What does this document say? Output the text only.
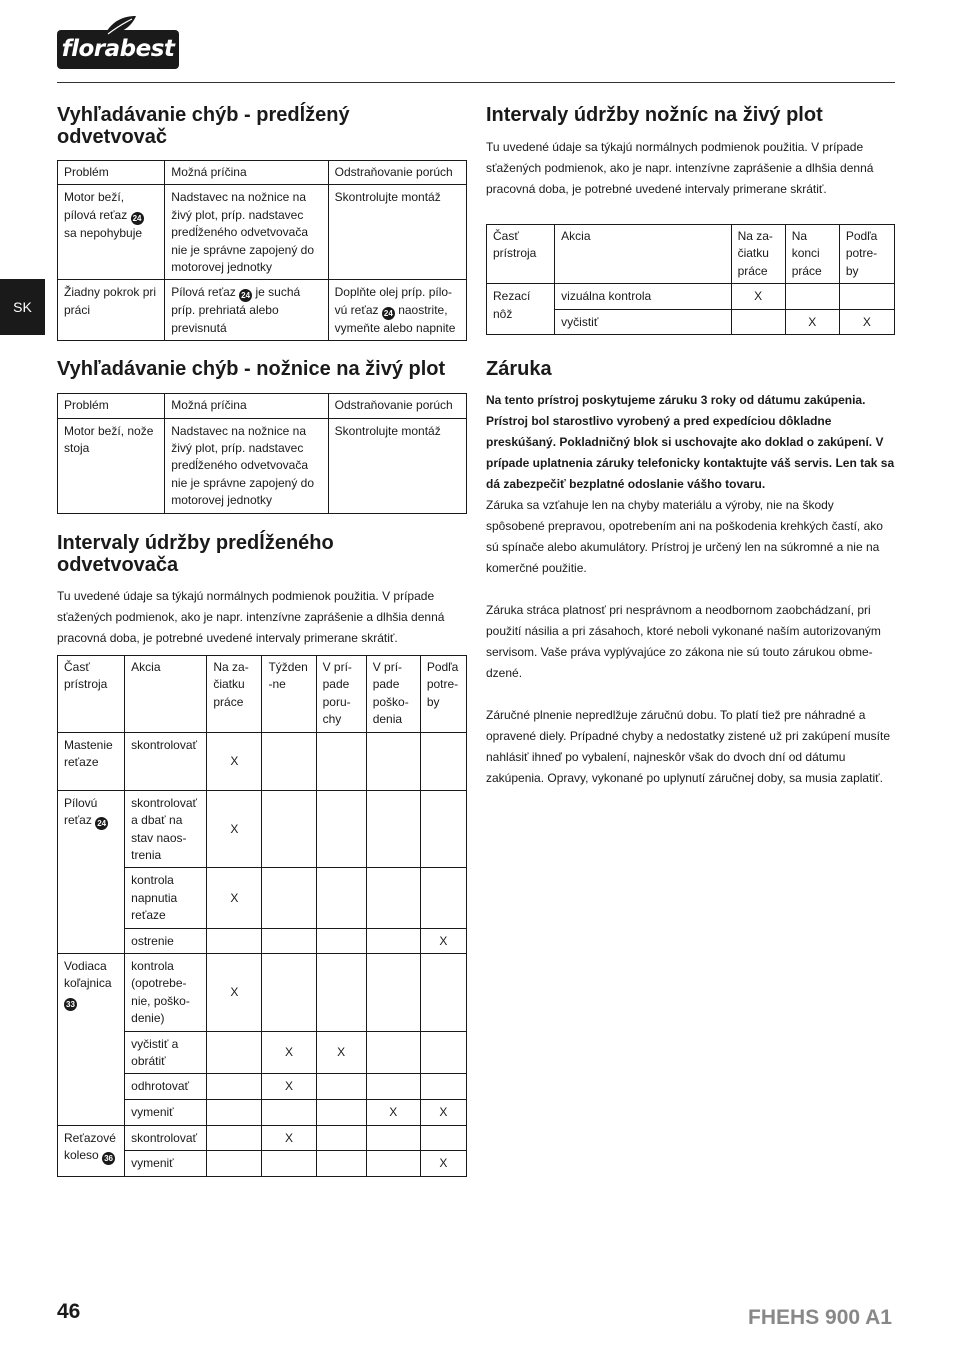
florabest
SK
Vyhľadávanie chýb - predĺžený odvetvovač
Problém	Možná príčina	Odstraňovanie porúch
Motor beží, pílová reťaz 24 sa nepohybuje	Nadstavec na nožnice na živý plot, príp. nadstavec predĺženého odvetvovača nie je správne zapojený do motorovej jednotky	Skontrolujte montáž
Žiadny pokrok pri práci	Pílová reťaz 24 je suchá príp. prehriatá alebo previsnutá	Doplňte olej príp. pílo-vú reťaz 24 naostrite, vymeňte alebo napnite
Vyhľadávanie chýb - nožnice na živý plot
Problém	Možná príčina	Odstraňovanie porúch
Motor beží, nože stoja	Nadstavec na nožnice na živý plot, príp. nadstavec predĺženého odvetvovača nie je správne zapojený do motorovej jednotky	Skontrolujte montáž
Intervaly údržby predĺženého odvetvovača

Tu uvedené údaje sa týkajú normálnych podmienok použitia. V prípade sťažených podmienok, ako je napr. intenzívne zaprášenie a dlhšia denná pracovná doba, je potrebné uvedené intervaly primerane skrátiť.

Časť prístroja	Akcia	Na za-čiatku práce	Týžden-ne	V prí-pade poru-chy	V prí-pade poško-denia	Podľa potre-by
Mastenie reťaze	skontrolovať	X				
Pílovú reťaz 24	skontrolovať a dbať na stav naos-trenia	X				
	kontrola napnutia reťaze	X				
	ostrenie					X
Vodiaca koľajnica 33	kontrola (opotrebe-nie, poško-denie)	X				
	vyčistiť a obrátiť		X	X		
	odhrotovať		X			
	vymeniť				X	X
Reťazové koleso 36	skontrolovať		X			
	vymeniť					X
Intervaly údržby nožníc na živý plot

Tu uvedené údaje sa týkajú normálnych podmienok použitia. V prípade sťažených podmienok, ako je napr. intenzívne zaprášenie a dlhšia denná pracovná doba, je potrebné uvedené intervaly primerane skrátiť.

Časť prístroja	Akcia	Na za-čiatku práce	Na konci práce	Podľa potre-by
Rezací nôž	vizuálna kontrola	X		
	vyčistiť		X	X
Záruka

Na tento prístroj poskytujeme záruku 3 roky od dátumu zakúpenia. Prístroj bol starostlivo vyrobený a pred expedíciou dôkladne preskúšaný. Pokladničný blok si uschovajte ako doklad o zakúpení. V prípade uplatnenia záruky telefonicky kontaktujte váš servis. Len tak sa dá zabezpečiť bezplatné odoslanie vášho tovaru.

Záruka sa vzťahuje len na chyby materiálu a výroby, nie na škody spôsobené prepravou, opotrebením ani na poškodenia krehkých častí, ako sú spínače alebo akumulátory. Prístroj je určený len na súkromné a nie na komerčné použitie.

Záruka stráca platnosť pri nesprávnom a neodbornom zaobchádzaní, pri použití násilia a pri zásahoch, ktoré neboli vykonané naším autorizovaným servisom. Vaše práva vyplývajúce zo zákona nie sú touto zárukou obme-dzené.

Záručné plnenie nepredlžuje záručnú dobu. To platí tiež pre náhradné a opravené diely. Prípadné chyby a nedostatky zistené už pri zakúpení musíte nahlásiť ihneď po vybalení, najneskôr však do dvoch dní od dátumu zakúpenia. Opravy, vykonané po uplynutí záručnej doby, sa musia zaplatiť.

46	FHEHS 900 A1
